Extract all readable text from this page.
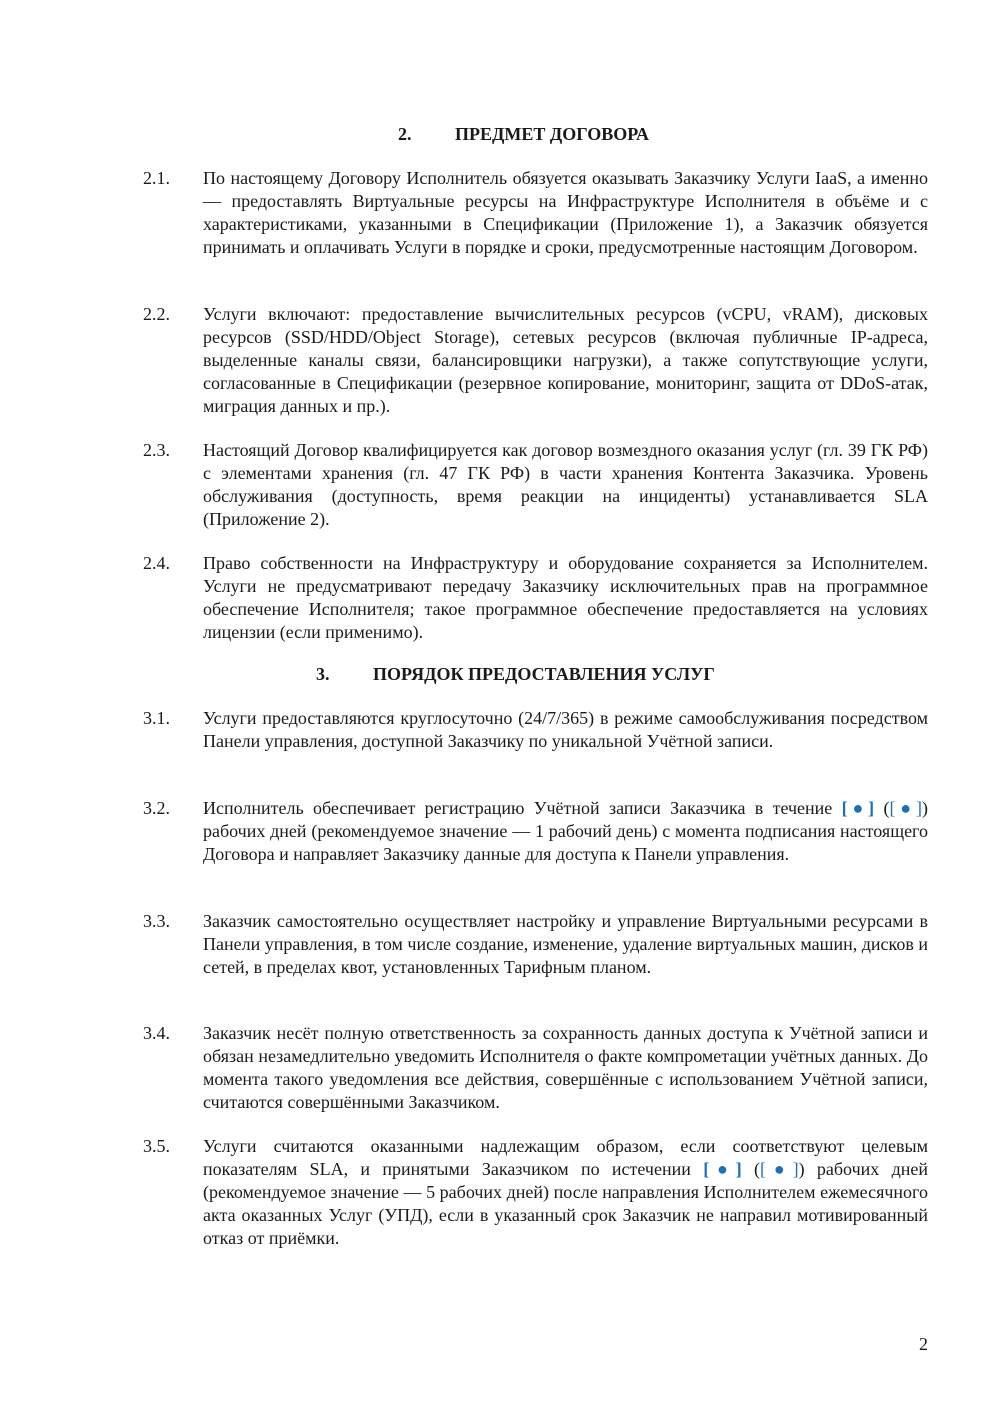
2. ПРЕДМЕТ ДОГОВОРА
2.1.	По настоящему Договору Исполнитель обязуется оказывать Заказчику Услуги IaaS, а именно — предоставлять Виртуальные ресурсы на Инфраструктуре Исполнителя в объёме и с характеристиками, указанными в Спецификации (Приложение 1), а Заказчик обязуется принимать и оплачивать Услуги в порядке и сроки, предусмотренные настоящим Договором.
2.2.	Услуги включают: предоставление вычислительных ресурсов (vCPU, vRAM), дисковых ресурсов (SSD/HDD/Object Storage), сетевых ресурсов (включая публичные IP-адреса, выделенные каналы связи, балансировщики нагрузки), а также сопутствующие услуги, согласованные в Спецификации (резервное копирование, мониторинг, защита от DDoS-атак, миграция данных и пр.).
2.3.	Настоящий Договор квалифицируется как договор возмездного оказания услуг (гл. 39 ГК РФ) с элементами хранения (гл. 47 ГК РФ) в части хранения Контента Заказчика. Уровень обслуживания (доступность, время реакции на инциденты) устанавливается SLA (Приложение 2).
2.4.	Право собственности на Инфраструктуру и оборудование сохраняется за Исполнителем. Услуги не предусматривают передачу Заказчику исключительных прав на программное обеспечение Исполнителя; такое программное обеспечение предоставляется на условиях лицензии (если применимо).
3. ПОРЯДОК ПРЕДОСТАВЛЕНИЯ УСЛУГ
3.1.	Услуги предоставляются круглосуточно (24/7/365) в режиме самообслуживания посредством Панели управления, доступной Заказчику по уникальной Учётной записи.
3.2.	Исполнитель обеспечивает регистрацию Учётной записи Заказчика в течение [●] ([●]) рабочих дней (рекомендуемое значение — 1 рабочий день) с момента подписания настоящего Договора и направляет Заказчику данные для доступа к Панели управления.
3.3.	Заказчик самостоятельно осуществляет настройку и управление Виртуальными ресурсами в Панели управления, в том числе создание, изменение, удаление виртуальных машин, дисков и сетей, в пределах квот, установленных Тарифным планом.
3.4.	Заказчик несёт полную ответственность за сохранность данных доступа к Учётной записи и обязан незамедлительно уведомить Исполнителя о факте компрометации учётных данных. До момента такого уведомления все действия, совершённые с использованием Учётной записи, считаются совершёнными Заказчиком.
3.5.	Услуги считаются оказанными надлежащим образом, если соответствуют целевым показателям SLA, и принятыми Заказчиком по истечении [●] ([●]) рабочих дней (рекомендуемое значение — 5 рабочих дней) после направления Исполнителем ежемесячного акта оказанных Услуг (УПД), если в указанный срок Заказчик не направил мотивированный отказ от приёмки.
2
